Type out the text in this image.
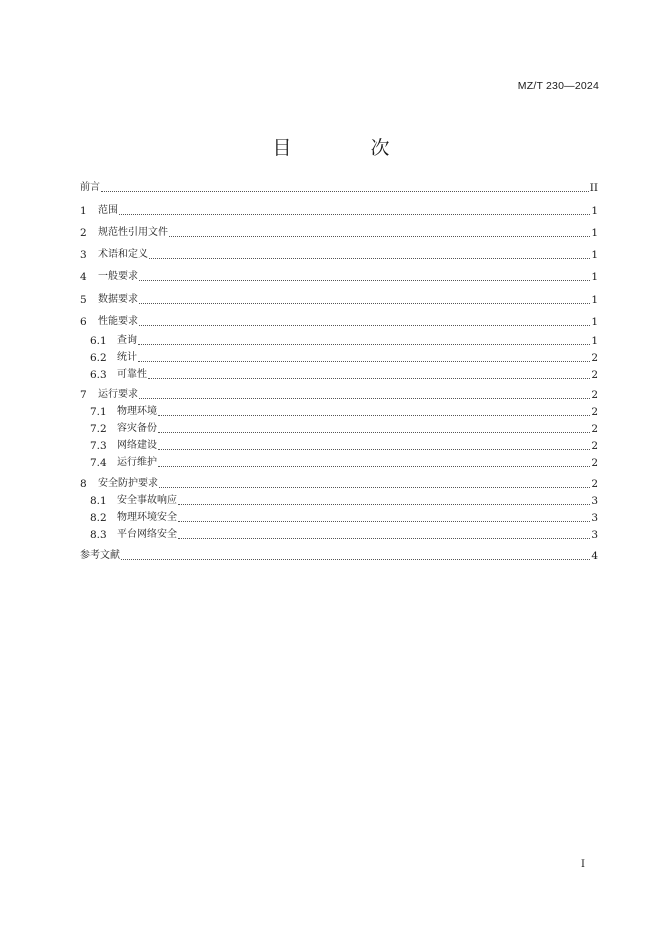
MZ/T 230—2024
目　次
前言	II
1	范围	1
2	规范性引用文件	1
3	术语和定义	1
4	一般要求	1
5	数据要求	1
6	性能要求	1
6.1	查询	1
6.2	统计	2
6.3	可靠性	2
7	运行要求	2
7.1	物理环境	2
7.2	容灾备份	2
7.3	网络建设	2
7.4	运行维护	2
8	安全防护要求	2
8.1	安全事故响应	3
8.2	物理环境安全	3
8.3	平台网络安全	3
参考文献	4
I
